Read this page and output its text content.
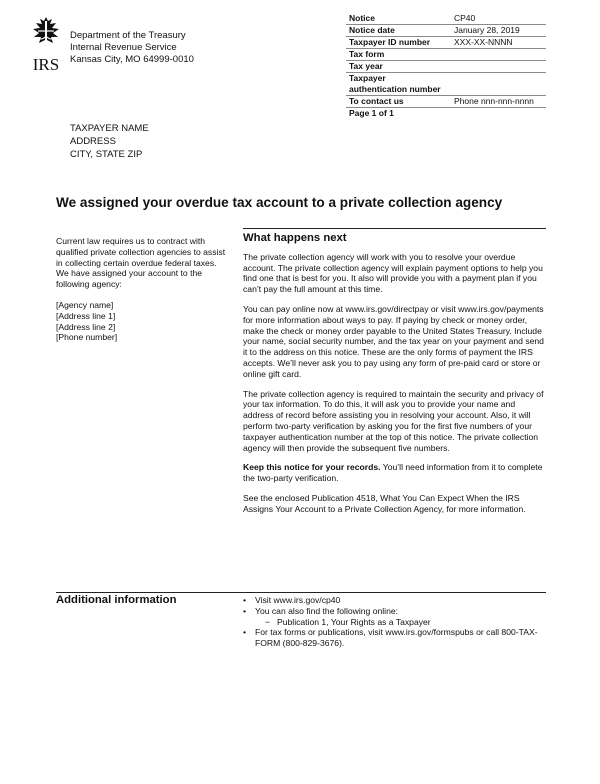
IRS
Department of the Treasury
Internal Revenue Service
Kansas City, MO 64999-0010
Notice	CP40
Notice date	January 28, 2019
Taxpayer ID number	XXX-XX-NNNN
Tax form
Tax year
Taxpayer
authentication number
To contact us	Phone nnn-nnn-nnnn
Page 1 of 1
TAXPAYER NAME
ADDRESS
CITY, STATE ZIP
We assigned your overdue tax account to a private collection agency

Current law requires us to contract with qualified private collection agencies to assist in collecting certain overdue federal taxes. We have assigned your account to the following agency:

[Agency name]
[Address line 1]
[Address line 2]
[Phone number]
What happens next

The private collection agency will work with you to resolve your overdue account. The private collection agency will explain payment options to help you find one that is best for you. It also will provide you with a payment plan if you can’t pay the full amount at this time.

You can pay online now at www.irs.gov/directpay or visit www.irs.gov/payments for more information about ways to pay. If paying by check or money order, make the check or money order payable to the United States Treasury. Include your name, social security number, and the tax year on your payment and send it to the address on this notice. These are the only forms of payment the IRS accepts. We’ll never ask you to pay using any form of pre-paid card or store or online gift card.

The private collection agency is required to maintain the security and privacy of your tax information. To do this, it will ask you to provide your name and address of record before assisting you in resolving your account. Also, it will perform two-party verification by asking you for the first five numbers of your taxpayer authentication number at the top of this notice. The private collection agency will then provide the subsequent five numbers.

Keep this notice for your records. You’ll need information from it to complete the two-party verification.

See the enclosed Publication 4518, What You Can Expect When the IRS Assigns Your Account to a Private Collection Agency, for more information.

Additional information	•	Visit www.irs.gov/cp40
•	You can also find the following online:
− Publication 1, Your Rights as a Taxpayer
•	For tax forms or publications, visit www.irs.gov/formspubs or call 800-TAX-FORM (800-829-3676).
